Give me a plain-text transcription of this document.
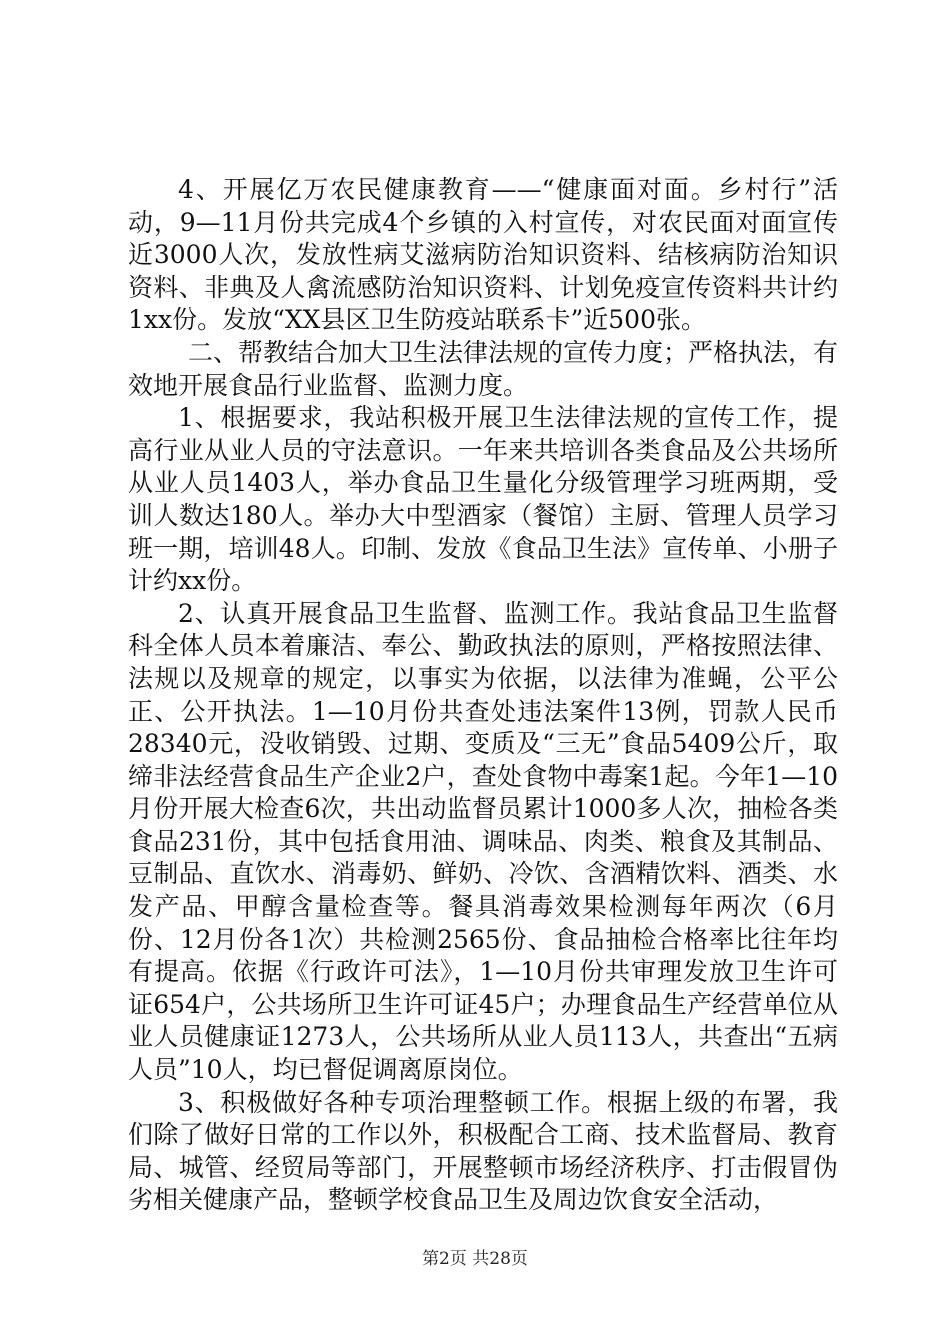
4、开展亿万农民健康教育——“健康面对面。乡村行”活动，9—11月份共完成4个乡镇的入村宣传，对农民面对面宣传近3000人次，发放性病艾滋病防治知识资料、结核病防治知识资料、非典及人禽流感防治知识资料、计划免疫宣传资料共计约1xx份。发放“XX县区卫生防疫站联系卡”近500张。

二、帮教结合加大卫生法律法规的宣传力度；严格执法，有效地开展食品行业监督、监测力度。

1、根据要求，我站积极开展卫生法律法规的宣传工作，提高行业从业人员的守法意识。一年来共培训各类食品及公共场所从业人员1403人，举办食品卫生量化分级管理学习班两期，受训人数达180人。举办大中型酒家（餐馆）主厨、管理人员学习班一期，培训48人。印制、发放《食品卫生法》宣传单、小册子计约xx份。

2、认真开展食品卫生监督、监测工作。我站食品卫生监督科全体人员本着廉洁、奉公、勤政执法的原则，严格按照法律、法规以及规章的规定，以事实为依据，以法律为准蝇，公平公正、公开执法。1—10月份共查处违法案件13例，罚款人民币28340元，没收销毁、过期、变质及“三无”食品5409公斤，取缔非法经营食品生产企业2户，查处食物中毒案1起。今年1—10月份开展大检查6次，共出动监督员累计1000多人次，抽检各类食品231份，其中包括食用油、调味品、肉类、粮食及其制品、豆制品、直饮水、消毒奶、鲜奶、冷饮、含酒精饮料、酒类、水发产品、甲醇含量检查等。餐具消毒效果检测每年两次（6月份、12月份各1次）共检测2565份、食品抽检合格率比往年均有提高。依据《行政许可法》，1—10月份共审理发放卫生许可证654户，公共场所卫生许可证45户；办理食品生产经营单位从业人员健康证1273人，公共场所从业人员113人，共查出“五病人员”10人，均已督促调离原岗位。

3、积极做好各种专项治理整顿工作。根据上级的布署，我们除了做好日常的工作以外，积极配合工商、技术监督局、教育局、城管、经贸局等部门，开展整顿市场经济秩序、打击假冒伪劣相关健康产品，整顿学校食品卫生及周边饮食安全活动，

第2页 共28页
